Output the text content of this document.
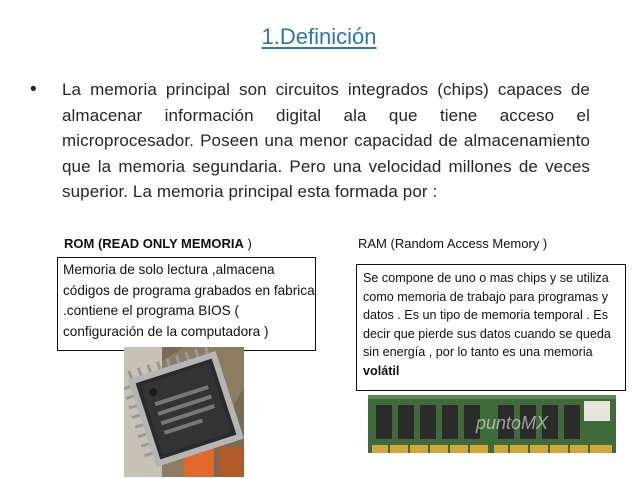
1.Definición
• La memoria principal son circuitos integrados (chips) capaces de almacenar información digital ala que tiene acceso el microprocesador. Poseen una menor capacidad de almacenamiento que la memoria segundaria. Pero una velocidad millones de veces superior. La memoria principal esta formada por :
ROM (READ ONLY MEMORIA )	RAM (Random Access Memory )
Memoria de solo lectura ,almacena códigos de programa grabados en fabrica .contiene el programa BIOS ( configuración de la computadora )
Se compone de uno o mas chips y se utiliza como memoria de trabajo para programas y datos . Es un tipo de memoria temporal . Es decir que pierde sus datos cuando se queda sin energía , por lo tanto es una memoria volátil
puntoMX
